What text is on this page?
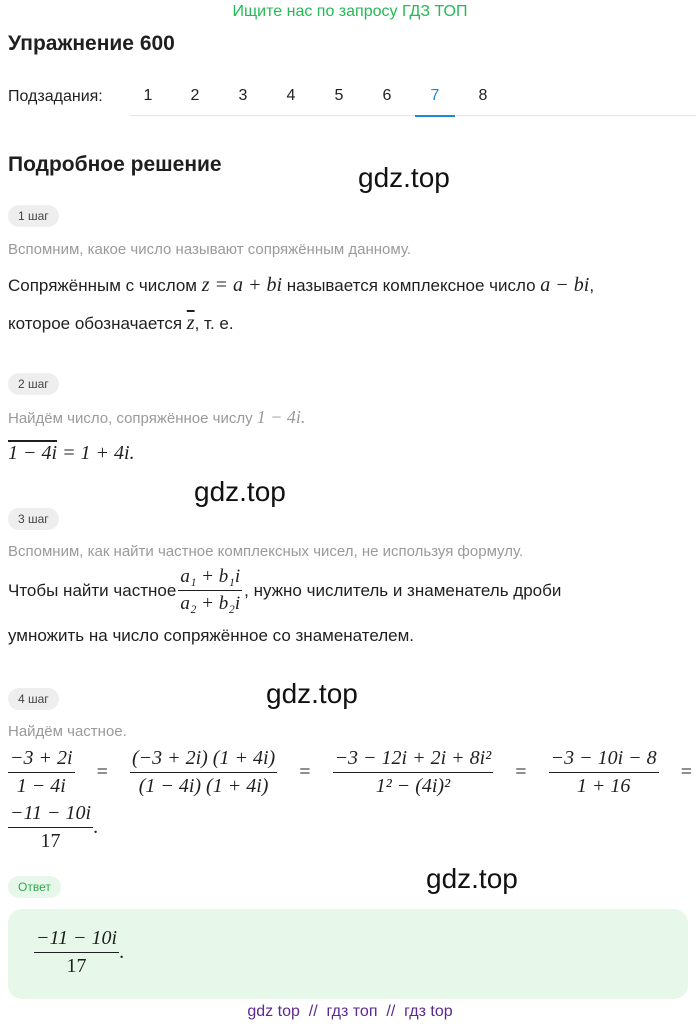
Ищите нас по запросу ГДЗ ТОП
Упражнение 600
Подзадания:	1	2	3	4	5	6	7	8
Подробное решение	gdz.top
gdz.top
gdz.top
gdz.top
1 шаг
Вспомним, какое число называют сопряжённым данному.
Сопряжённым с числом z = a + bi называется комплексное число a − bi,
которое обозначается $\overline{z}$, т. е.
2 шаг
Найдём число, сопряжённое числу 1 − 4i.
1 − 4i = 1 + 4i.
3 шаг
Вспомним, как найти частное комплексных чисел, не используя формулу.
Чтобы найти частное $\frac{\text{a₁ + b₁i}}{\text{a₂ + b₂i}}$ , нужно числитель и знаменатель дроби
умножить на число сопряжённое со знаменателем.
4 шаг
Найдём частное.
$\frac{-3 + 2i}{1 - 4i} = \frac{(-3 + 2i) (1 + 4i)}{(1 - 4i) (1 + 4i)} = \frac{\text{−3 − 12i + 2i + 8i²}}{\text{1² − (4i)²}} = \frac{-3 - 10i - 8}{1 + 16}$ =
$\frac{-11 - 10i}{17}$ .
Ответ
$\frac{-11 - 10i}{17}$ .
gdz top  //  гдз топ  //  гдз top
